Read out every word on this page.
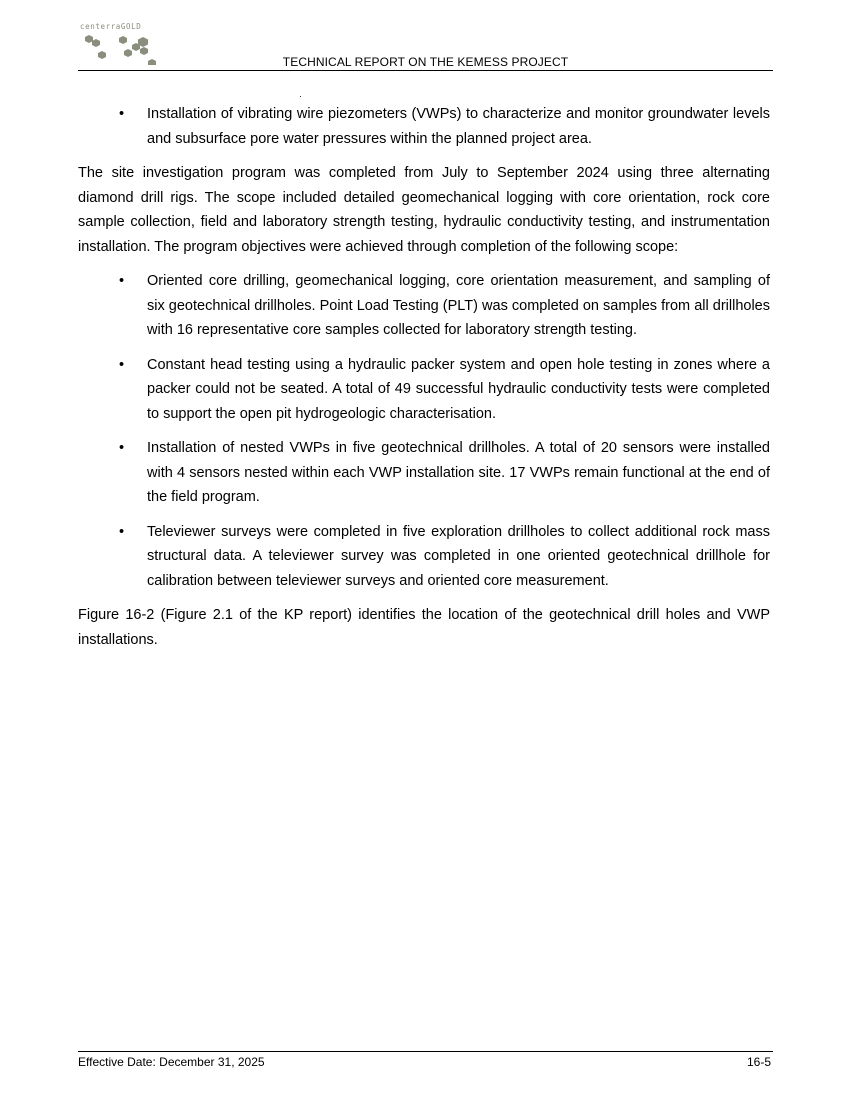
centerraGOLD
TECHNICAL REPORT ON THE KEMESS PROJECT
• Installation of vibrating wire piezometers (VWPs) to characterize and monitor groundwater levels and subsurface pore water pressures within the planned project area.

The site investigation program was completed from July to September 2024 using three alternating diamond drill rigs. The scope included detailed geomechanical logging with core orientation, rock core sample collection, field and laboratory strength testing, hydraulic conductivity testing, and instrumentation installation. The program objectives were achieved through completion of the following scope:

• Oriented core drilling, geomechanical logging, core orientation measurement, and sampling of six geotechnical drillholes. Point Load Testing (PLT) was completed on samples from all drillholes with 16 representative core samples collected for laboratory strength testing.
• Constant head testing using a hydraulic packer system and open hole testing in zones where a packer could not be seated. A total of 49 successful hydraulic conductivity tests were completed to support the open pit hydrogeologic characterisation.
• Installation of nested VWPs in five geotechnical drillholes. A total of 20 sensors were installed with 4 sensors nested within each VWP installation site. 17 VWPs remain functional at the end of the field program.
• Televiewer surveys were completed in five exploration drillholes to collect additional rock mass structural data. A televiewer survey was completed in one oriented geotechnical drillhole for calibration between televiewer surveys and oriented core measurement.

Figure 16-2 (Figure 2.1 of the KP report) identifies the location of the geotechnical drill holes and VWP installations.

Effective Date: December 31, 2025	16-5
